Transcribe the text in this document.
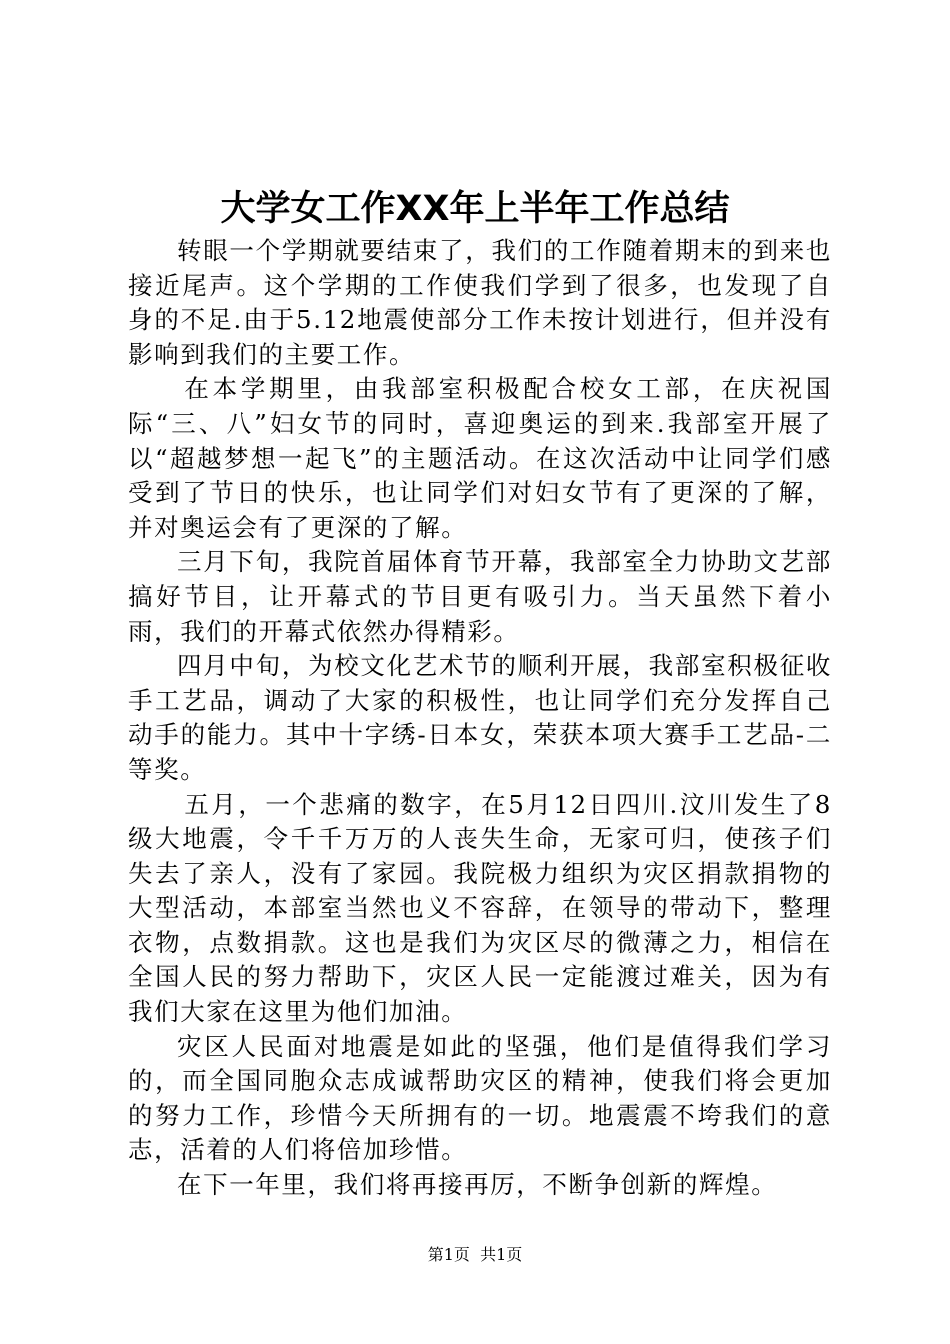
大学女工作XX年上半年工作总结

转眼一个学期就要结束了，我们的工作随着期末的到来也接近尾声。这个学期的工作使我们学到了很多，也发现了自身的不足.由于5.12地震使部分工作未按计划进行，但并没有影响到我们的主要工作。

在本学期里，由我部室积极配合校女工部，在庆祝国际“三、八”妇女节的同时，喜迎奥运的到来.我部室开展了以“超越梦想一起飞”的主题活动。在这次活动中让同学们感受到了节日的快乐，也让同学们对妇女节有了更深的了解，并对奥运会有了更深的了解。

三月下旬，我院首届体育节开幕，我部室全力协助文艺部搞好节目，让开幕式的节目更有吸引力。当天虽然下着小雨，我们的开幕式依然办得精彩。

四月中旬，为校文化艺术节的顺利开展，我部室积极征收手工艺品，调动了大家的积极性，也让同学们充分发挥自己动手的能力。其中十字绣-日本女，荣获本项大赛手工艺品-二等奖。

五月，一个悲痛的数字，在5月12日四川.汶川发生了8级大地震，令千千万万的人丧失生命，无家可归，使孩子们失去了亲人，没有了家园。我院极力组织为灾区捐款捐物的大型活动，本部室当然也义不容辞，在领导的带动下，整理衣物，点数捐款。这也是我们为灾区尽的微薄之力，相信在全国人民的努力帮助下，灾区人民一定能渡过难关，因为有我们大家在这里为他们加油。

灾区人民面对地震是如此的坚强，他们是值得我们学习的，而全国同胞众志成诚帮助灾区的精神，使我们将会更加的努力工作，珍惜今天所拥有的一切。地震震不垮我们的意志，活着的人们将倍加珍惜。

在下一年里，我们将再接再厉，不断争创新的辉煌。

第1页  共1页
